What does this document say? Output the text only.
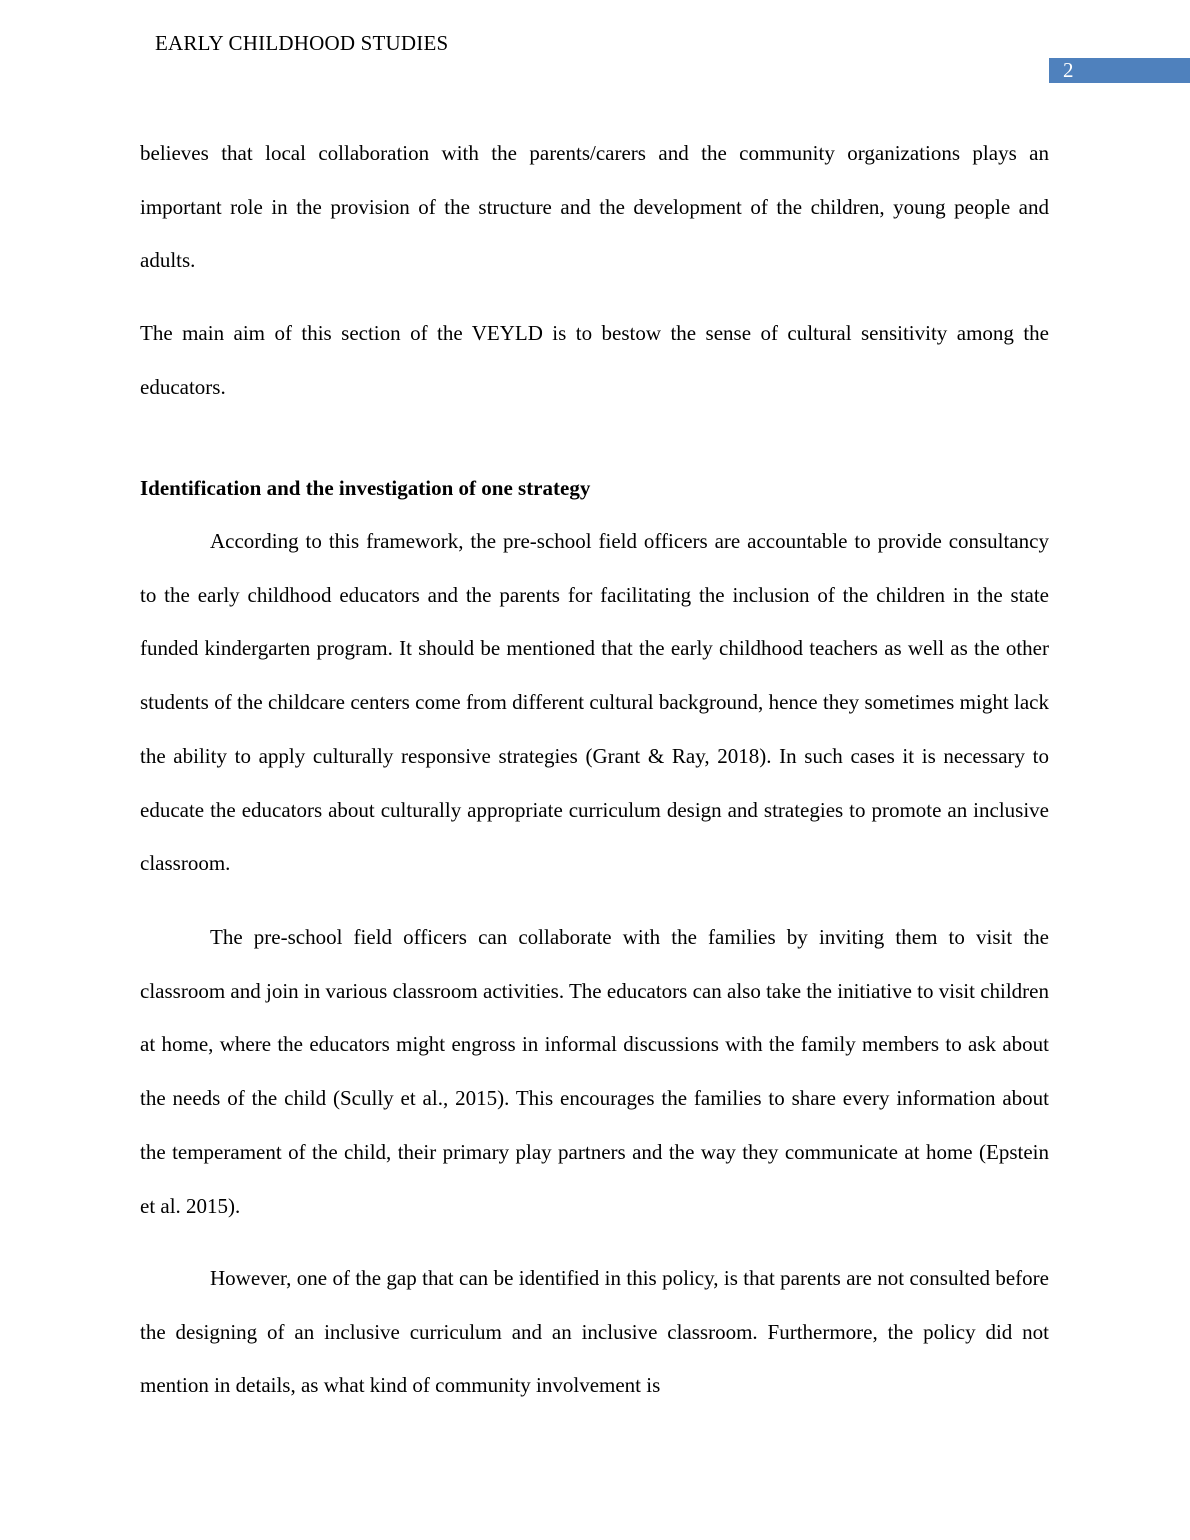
EARLY CHILDHOOD STUDIES
2

believes that local collaboration with the parents/carers and the community organizations plays an important role in the provision of the structure and the development of the children, young people and adults.

The main aim of this section of the VEYLD is to bestow the sense of cultural sensitivity among the educators.

Identification and the investigation of one strategy

According to this framework, the pre-school field officers are accountable to provide consultancy to the early childhood educators and the parents for facilitating the inclusion of the children in the state funded kindergarten program. It should be mentioned that the early childhood teachers as well as the other students of the childcare centers come from different cultural background, hence they sometimes might lack the ability to apply culturally responsive strategies (Grant & Ray, 2018). In such cases it is necessary to educate the educators about culturally appropriate curriculum design and strategies to promote an inclusive classroom.

The pre-school field officers can collaborate with the families by inviting them to visit the classroom and join in various classroom activities. The educators can also take the initiative to visit children at home, where the educators might engross in informal discussions with the family members to ask about the needs of the child (Scully et al., 2015). This encourages the families to share every information about the temperament of the child, their primary play partners and the way they communicate at home (Epstein et al. 2015).

However, one of the gap that can be identified in this policy, is that parents are not consulted before the designing of an inclusive curriculum and an inclusive classroom. Furthermore, the policy did not mention in details, as what kind of community involvement is
